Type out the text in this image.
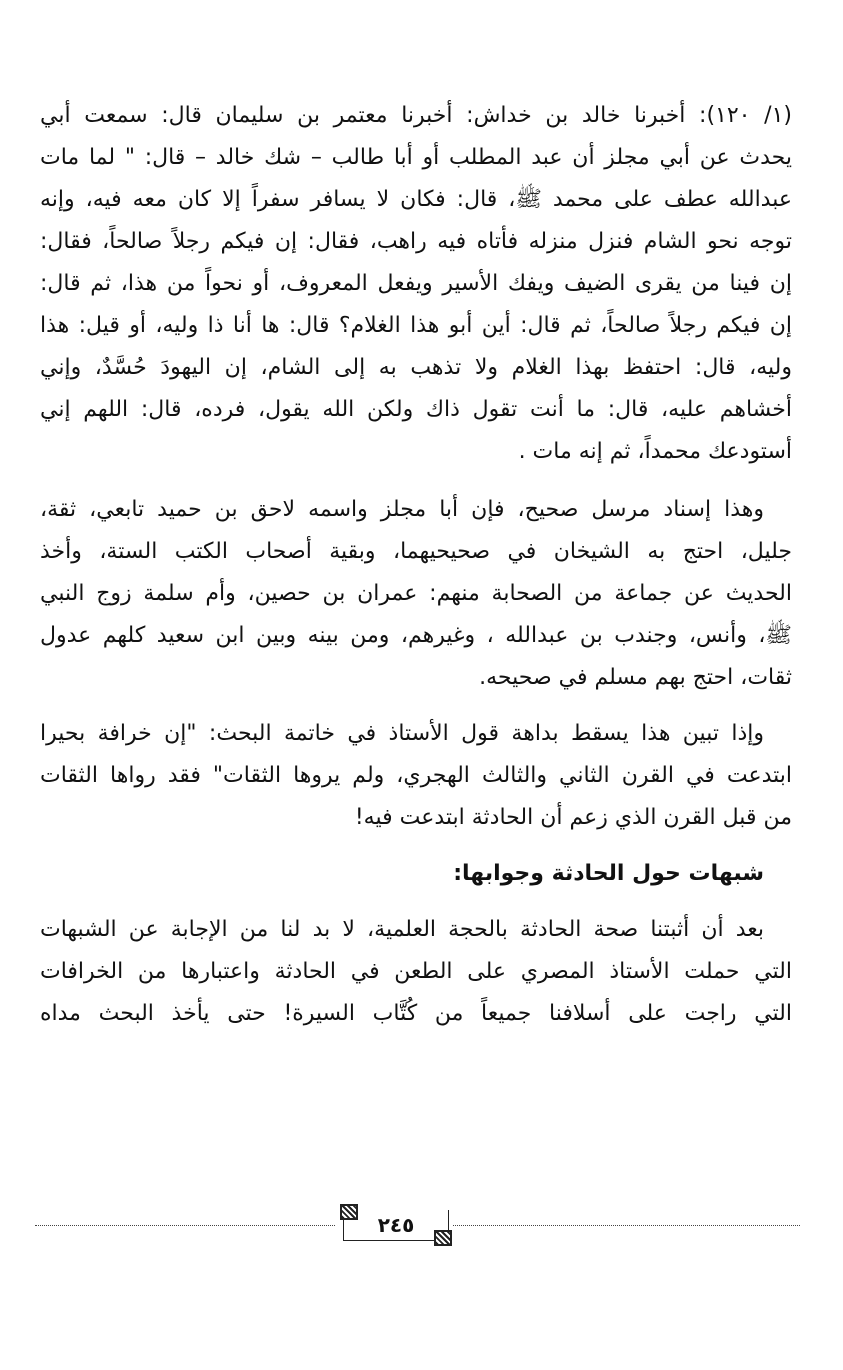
(١/ ١٢٠): أخبرنا خالد بن خداش: أخبرنا معتمر بن سليمان قال: سمعت أبي
يحدث عن أبي مجلز أن عبد المطلب أو أبا طالب – شك خالد – قال: " لما مات
عبدالله عطف على محمد ﷺ، قال: فكان لا يسافر سفراً إلا كان معه فيه، وإنه
توجه نحو الشام فنزل منزله فأتاه فيه راهب، فقال: إن فيكم رجلاً صالحاً، فقال:
إن فينا من يقرى الضيف ويفك الأسير ويفعل المعروف، أو نحواً من هذا، ثم قال:
إن فيكم رجلاً صالحاً، ثم قال: أين أبو هذا الغلام؟ قال: ها أنا ذا وليه، أو قيل: هذا
وليه، قال: احتفظ بهذا الغلام ولا تذهب به إلى الشام، إن اليهودَ حُسَّدٌ، وإني
أخشاهم عليه، قال: ما أنت تقول ذاك ولكن الله يقول، فرده، قال: اللهم إني
أستودعك محمداً، ثم إنه مات .
وهذا إسناد مرسل صحيح، فإن أبا مجلز واسمه لاحق بن حميد تابعي، ثقة،
جليل، احتج به الشيخان في صحيحيهما، وبقية أصحاب الكتب الستة، وأخذ
الحديث عن جماعة من الصحابة منهم: عمران بن حصين، وأم سلمة زوج النبي
ﷺ، وأنس، وجندب بن عبدالله ، وغيرهم، ومن بينه وبين ابن سعيد كلهم عدول
ثقات، احتج بهم مسلم في صحيحه.
وإذا تبين هذا يسقط بداهة قول الأستاذ في خاتمة البحث: "إن خرافة بحيرا
ابتدعت في القرن الثاني والثالث الهجري، ولم يروها الثقات" فقد رواها الثقات
من قبل القرن الذي زعم أن الحادثة ابتدعت فيه!
شبهات حول الحادثة وجوابها:
بعد أن أثبتنا صحة الحادثة بالحجة العلمية، لا بد لنا من الإجابة عن الشبهات
التي حملت الأستاذ المصري على الطعن في الحادثة واعتبارها من الخرافات
التي راجت على أسلافنا جميعاً من كُتَّاب السيرة! حتى يأخذ البحث مداه
٢٤٥
